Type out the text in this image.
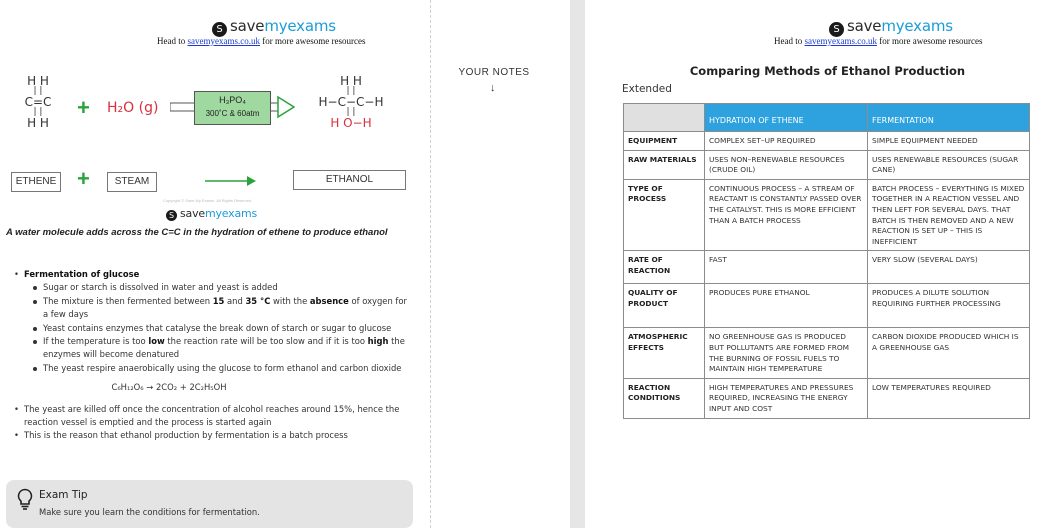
S savemyexams
Head to savemyexams.co.uk for more awesome resources
YOUR NOTES
↓
H H
| |
C=C
| |
H H
+ H₂O (g)	H₃PO₄
300˚C & 60atm
H H
| |
H−C−C−H
| |
H O−H
ETHENE +	STEAM	ETHANOL
Copyright © Save My Exams. All Rights Reserved
S savemyexams
A water molecule adds across the C=C in the hydration of ethene to produce ethanol
• Fermentation of glucose
Sugar or starch is dissolved in water and yeast is added
The mixture is then fermented between 15 and 35 °C with the absence of oxygen for a few days
Yeast contains enzymes that catalyse the break down of starch or sugar to glucose
If the temperature is too low the reaction rate will be too slow and if it is too high the enzymes will become denatured
The yeast respire anaerobically using the glucose to form ethanol and carbon dioxide
C₆H₁₂O₆ → 2CO₂ + 2C₂H₅OH
• The yeast are killed off once the concentration of alcohol reaches around 15%, hence the reaction vessel is emptied and the process is started again
• This is the reason that ethanol production by fermentation is a batch process
Exam Tip
Make sure you learn the conditions for fermentation.
S savemyexams
Head to savemyexams.co.uk for more awesome resources
Comparing Methods of Ethanol Production
Extended
	HYDRATION OF ETHENE	FERMENTATION
EQUIPMENT	COMPLEX SET–UP REQUIRED	SIMPLE EQUIPMENT NEEDED
RAW MATERIALS	USES NON–RENEWABLE RESOURCES (CRUDE OIL)	USES RENEWABLE RESOURCES (SUGAR CANE)
TYPE OF PROCESS	CONTINUOUS PROCESS – A STREAM OF REACTANT IS CONSTANTLY PASSED OVER THE CATALYST. THIS IS MORE EFFICIENT THAN A BATCH PROCESS	BATCH PROCESS – EVERYTHING IS MIXED TOGETHER IN A REACTION VESSEL AND THEN LEFT FOR SEVERAL DAYS. THAT BATCH IS THEN REMOVED AND A NEW REACTION IS SET UP – THIS IS INEFFICIENT
RATE OF REACTION	FAST	VERY SLOW (SEVERAL DAYS)
QUALITY OF PRODUCT	PRODUCES PURE ETHANOL	PRODUCES A DILUTE SOLUTION REQUIRING FURTHER PROCESSING
ATMOSPHERIC EFFECTS	NO GREENHOUSE GAS IS PRODUCED BUT POLLUTANTS ARE FORMED FROM THE BURNING OF FOSSIL FUELS TO MAINTAIN HIGH TEMPERATURE	CARBON DIOXIDE PRODUCED WHICH IS A GREENHOUSE GAS
REACTION CONDITIONS	HIGH TEMPERATURES AND PRESSURES REQUIRED, INCREASING THE ENERGY INPUT AND COST	LOW TEMPERATURES REQUIRED
